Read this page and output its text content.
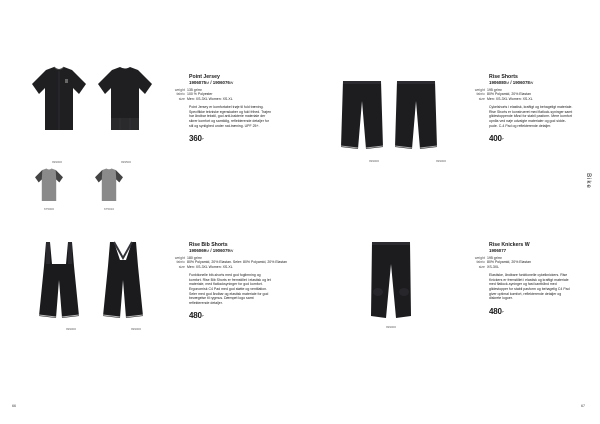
999000	999500
675000	675010
Point Jersey
1906075M / 1906076W
weight 135 gr/m²
fabric 100 % Polyester
size Men: XS-3XL Women: XS-XL
Point Jersey er komfortabel trøje til fuld træning. Specifikke tekniske egenskaber og fuld frihed. Trøjen har åndbar tekstil, god anti-bakterie materiale der sikrer komfort og samtidig, reflekterende detaljer for stil og synlighed under nat-træning. UPF 25+.
360,-
999000	999000
Rise Shorts
1906080M / 1906078W
weight 195 gr/m²
fabric 80% Polyamid, 20% Elastan
size Men: XS-3XL Women: XS-XL
Cykelshorts i elastisk, kraftigt og behageligt materiale. Rise Shorts er konstrueret med flatlock-syninger samt glidestoppende bånd for stabil pasform. Mere komfort opnås ved nøje udvalgte materialer og god sidde-pude. C-4 Pad og reflekterende detaljer.
400,-
999000	999000
Rise Bib Shorts
1906069M / 1906079W
weight 180 gr/m²
fabric 80% Polyamid, 20% Elastan. Seler: 80% Polyamid, 20% Elastan
size Men: XS-3XL Women: XS-XL
Funktionelle bib-shorts med god foglimning og komfort. Rise Bib Shorts er fremstillet i elastisk og let materiale, med flatlocksyninger for god komfort. Ergonomisk C4 Pad med god støtte og ventilation. Seler med god åndbar og elastisk materiale for god bevægelse til rygmus. Dæmpet logo samt reflekterende detaljer.
480,-
999000
Rise Knickers W
1906077
weight 195 gr/m²
fabric 80% Polyamid, 20% Elastan
size XS-3XL
Elastiske, åndbare funktionelle cykelknickers. Rise Knickers er fremstillet i elastisk og kraftigt materiale med flatlock-syninger og fast kantbånd med glidestopper for stabil pasform og behagelig C4 Pad giver optimal komfort, reflekterende detaljer og diskrete logoer.
480,-
Bike
66	67
